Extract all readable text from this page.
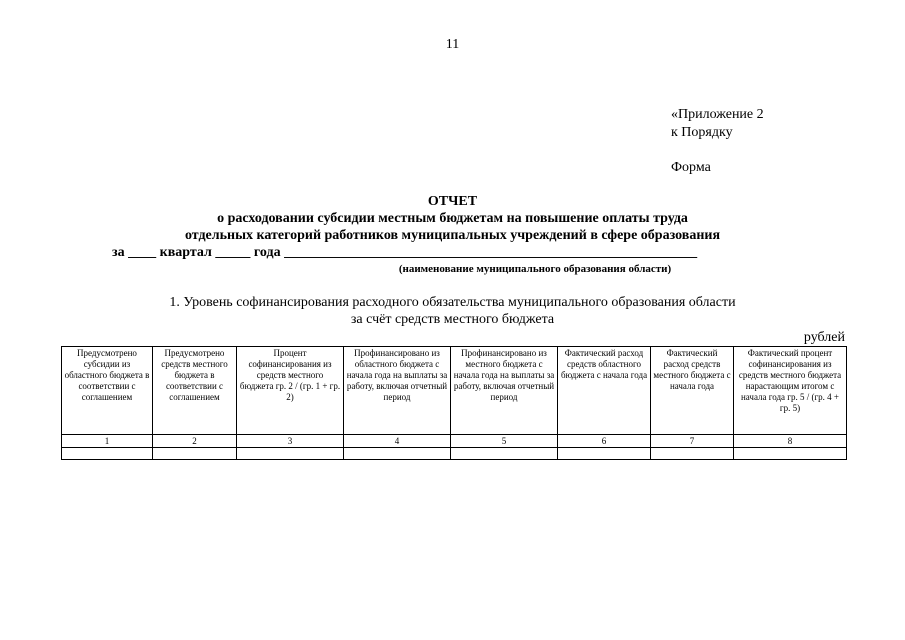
11
«Приложение 2
к Порядку
Форма
ОТЧЕТ
о расходовании субсидии местным бюджетам на повышение оплаты труда
отдельных категорий работников муниципальных учреждений в сфере образования
за ____ квартал _____ года ___________________________________________________________
(наименование муниципального образования области)
1. Уровень софинансирования расходного обязательства муниципального образования области
за счёт средств местного бюджета
рублей
Предусмотрено субсидии из областного бюджета в соответствии с соглашением	Предусмотрено средств местного бюджета в соответствии с соглашением	Процент софинансирования из средств местного бюджета гр. 2 / (гр. 1 + гр. 2)	Профинансировано из областного бюджета с начала года на выплаты за работу, включая отчетный период	Профинансировано из местного бюджета с начала года на выплаты за работу, включая отчетный период	Фактический расход средств областного бюджета с начала года	Фактический расход средств местного бюджета с начала года	Фактический процент софинансирования из средств местного бюджета нарастающим итогом с начала года гр. 5 / (гр. 4 + гр. 5)
1	2	3	4	5	6	7	8
